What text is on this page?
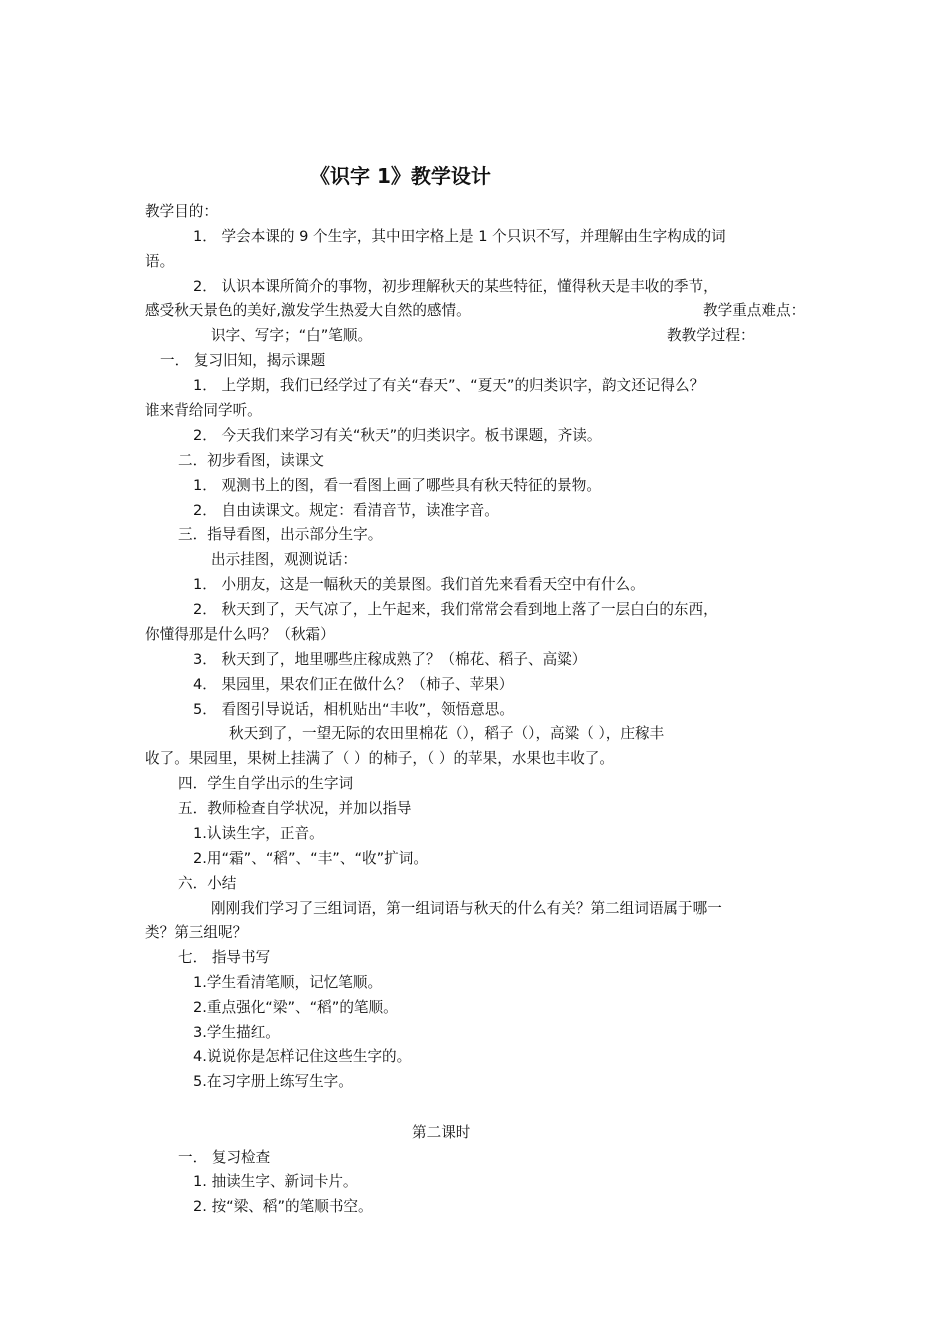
《识字 1》教学设计
教学目的：
1． 学会本课的 9 个生字，其中田字格上是 1 个只识不写，并理解由生字构成的词
语。
2． 认识本课所简介的事物，初步理解秋天的某些特征，懂得秋天是丰收的季节，
感受秋天景色的美好,激发学生热爱大自然的感情。	教学重点难点：
识字、写字；“白”笔顺。	教教学过程：
一． 复习旧知，揭示课题
1． 上学期，我们已经学过了有关“春天”、“夏天”的归类识字，韵文还记得么？
谁来背给同学听。
2． 今天我们来学习有关“秋天”的归类识字。板书课题，齐读。
二．初步看图，读课文
1． 观测书上的图，看一看图上画了哪些具有秋天特征的景物。
2． 自由读课文。规定：看清音节，读准字音。
三．指导看图，出示部分生字。
出示挂图，观测说话：
1． 小朋友，这是一幅秋天的美景图。我们首先来看看天空中有什么。
2． 秋天到了，天气凉了，上午起来，我们常常会看到地上落了一层白白的东西，
你懂得那是什么吗？（秋霜）
3． 秋天到了，地里哪些庄稼成熟了？（棉花、稻子、高粱）
4． 果园里，果农们正在做什么？（柿子、苹果）
5． 看图引导说话，相机贴出“丰收”，领悟意思。
秋天到了，一望无际的农田里棉花（），稻子（），高粱（ ），庄稼丰
收了。果园里，果树上挂满了（ ）的柿子，（ ）的苹果，水果也丰收了。
四．学生自学出示的生字词
五．教师检查自学状况，并加以指导
1.认读生字，正音。
2.用“霜”、“稻”、“丰”、“收”扩词。
六．小结
刚刚我们学习了三组词语，第一组词语与秋天的什么有关？第二组词语属于哪一
类？第三组呢？
七． 指导书写
1.学生看清笔顺，记忆笔顺。
2.重点强化“梁”、“稻”的笔顺。
3.学生描红。
4.说说你是怎样记住这些生字的。
5.在习字册上练写生字。
第二课时
一． 复习检查
1. 抽读生字、新词卡片。
2. 按“梁、稻”的笔顺书空。
